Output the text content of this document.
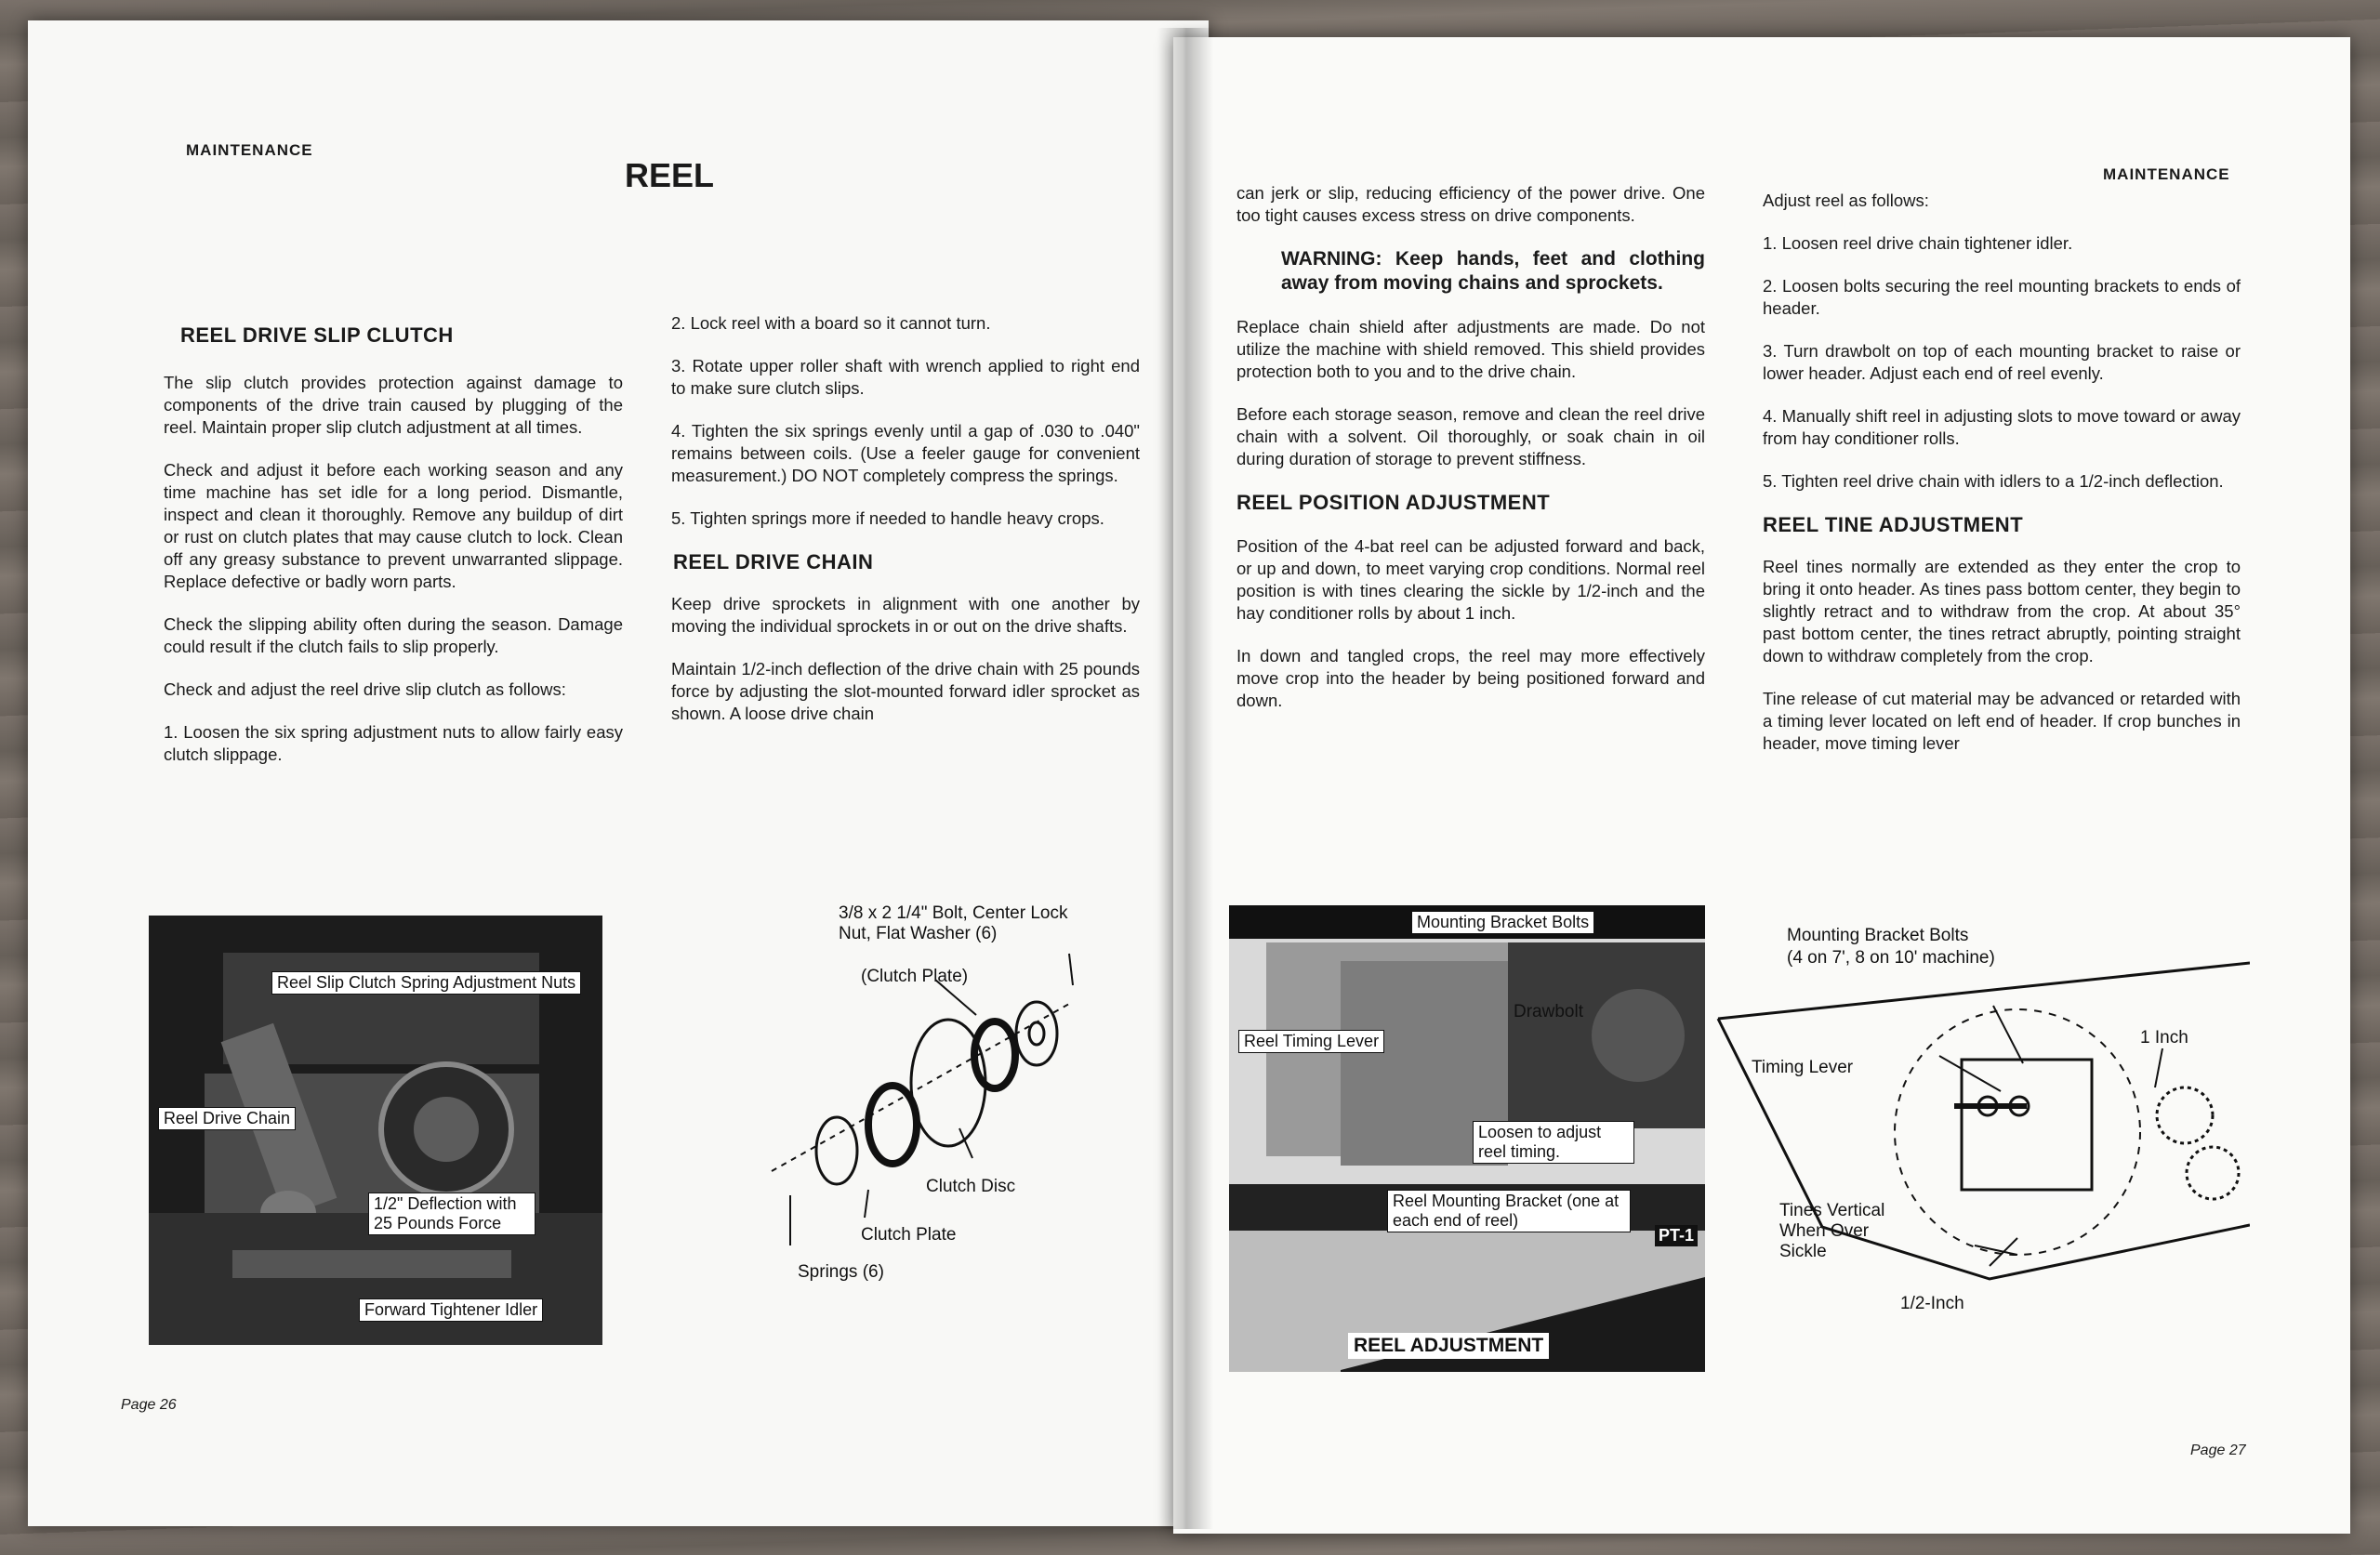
MAINTENANCE
REEL
REEL DRIVE SLIP CLUTCH

The slip clutch provides protection against damage to components of the drive train caused by plugging of the reel. Maintain proper slip clutch adjustment at all times.

Check and adjust it before each working season and any time machine has set idle for a long period. Dismantle, inspect and clean it thoroughly. Remove any buildup of dirt or rust on clutch plates that may cause clutch to lock. Clean off any greasy substance to prevent unwarranted slippage. Replace defective or badly worn parts.

Check the slipping ability often during the season. Damage could result if the clutch fails to slip properly.

Check and adjust the reel drive slip clutch as follows:

1. Loosen the six spring adjustment nuts to allow fairly easy clutch slippage.

2. Lock reel with a board so it cannot turn.

3. Rotate upper roller shaft with wrench applied to right end to make sure clutch slips.

4. Tighten the six springs evenly until a gap of .030 to .040" remains between coils. (Use a feeler gauge for convenient measurement.) DO NOT completely compress the springs.

5. Tighten springs more if needed to handle heavy crops.

REEL DRIVE CHAIN

Keep drive sprockets in alignment with one another by moving the individual sprockets in or out on the drive shafts.

Maintain 1/2-inch deflection of the drive chain with 25 pounds force by adjusting the slot-mounted forward idler sprocket as shown. A loose drive chain

Reel Slip Clutch Spring Adjustment Nuts
Reel Drive Chain
1/2" Deflection with 25 Pounds Force
Forward Tightener Idler
3/8 x 2 1/4" Bolt, Center Lock Nut, Flat Washer (6)
(Clutch Plate)
Clutch Disc
Clutch Plate
Springs (6)
Page 26
MAINTENANCE

can jerk or slip, reducing efficiency of the power drive. One too tight causes excess stress on drive components.

WARNING: Keep hands, feet and clothing away from moving chains and sprockets.

Replace chain shield after adjustments are made. Do not utilize the machine with shield removed. This shield provides protection both to you and to the drive chain.

Before each storage season, remove and clean the reel drive chain with a solvent. Oil thoroughly, or soak chain in oil during duration of storage to prevent stiffness.

REEL POSITION ADJUSTMENT

Position of the 4-bat reel can be adjusted forward and back, or up and down, to meet varying crop conditions. Normal reel position is with tines clearing the sickle by 1/2-inch and the hay conditioner rolls by about 1 inch.

In down and tangled crops, the reel may more effectively move crop into the header by being positioned forward and down.

Adjust reel as follows:

1. Loosen reel drive chain tightener idler.

2. Loosen bolts securing the reel mounting brackets to ends of header.

3. Turn drawbolt on top of each mounting bracket to raise or lower header. Adjust each end of reel evenly.

4. Manually shift reel in adjusting slots to move toward or away from hay conditioner rolls.

5. Tighten reel drive chain with idlers to a 1/2-inch deflection.

REEL TINE ADJUSTMENT

Reel tines normally are extended as they enter the crop to bring it onto header. As tines pass bottom center, they begin to slightly retract and to withdraw from the crop. At about 35° past bottom center, the tines retract abruptly, pointing straight down to withdraw completely from the crop.

Tine release of cut material may be advanced or retarded with a timing lever located on left end of header. If crop bunches in header, move timing lever

Mounting Bracket Bolts
Drawbolt
Reel Timing Lever
Loosen to adjust reel timing.
Reel Mounting Bracket (one at each end of reel)
PT-1
REEL ADJUSTMENT
Mounting Bracket Bolts
(4 on 7', 8 on 10' machine)
Timing Lever
1 Inch
Tines Vertical When Over Sickle
1/2-Inch
Page 27
